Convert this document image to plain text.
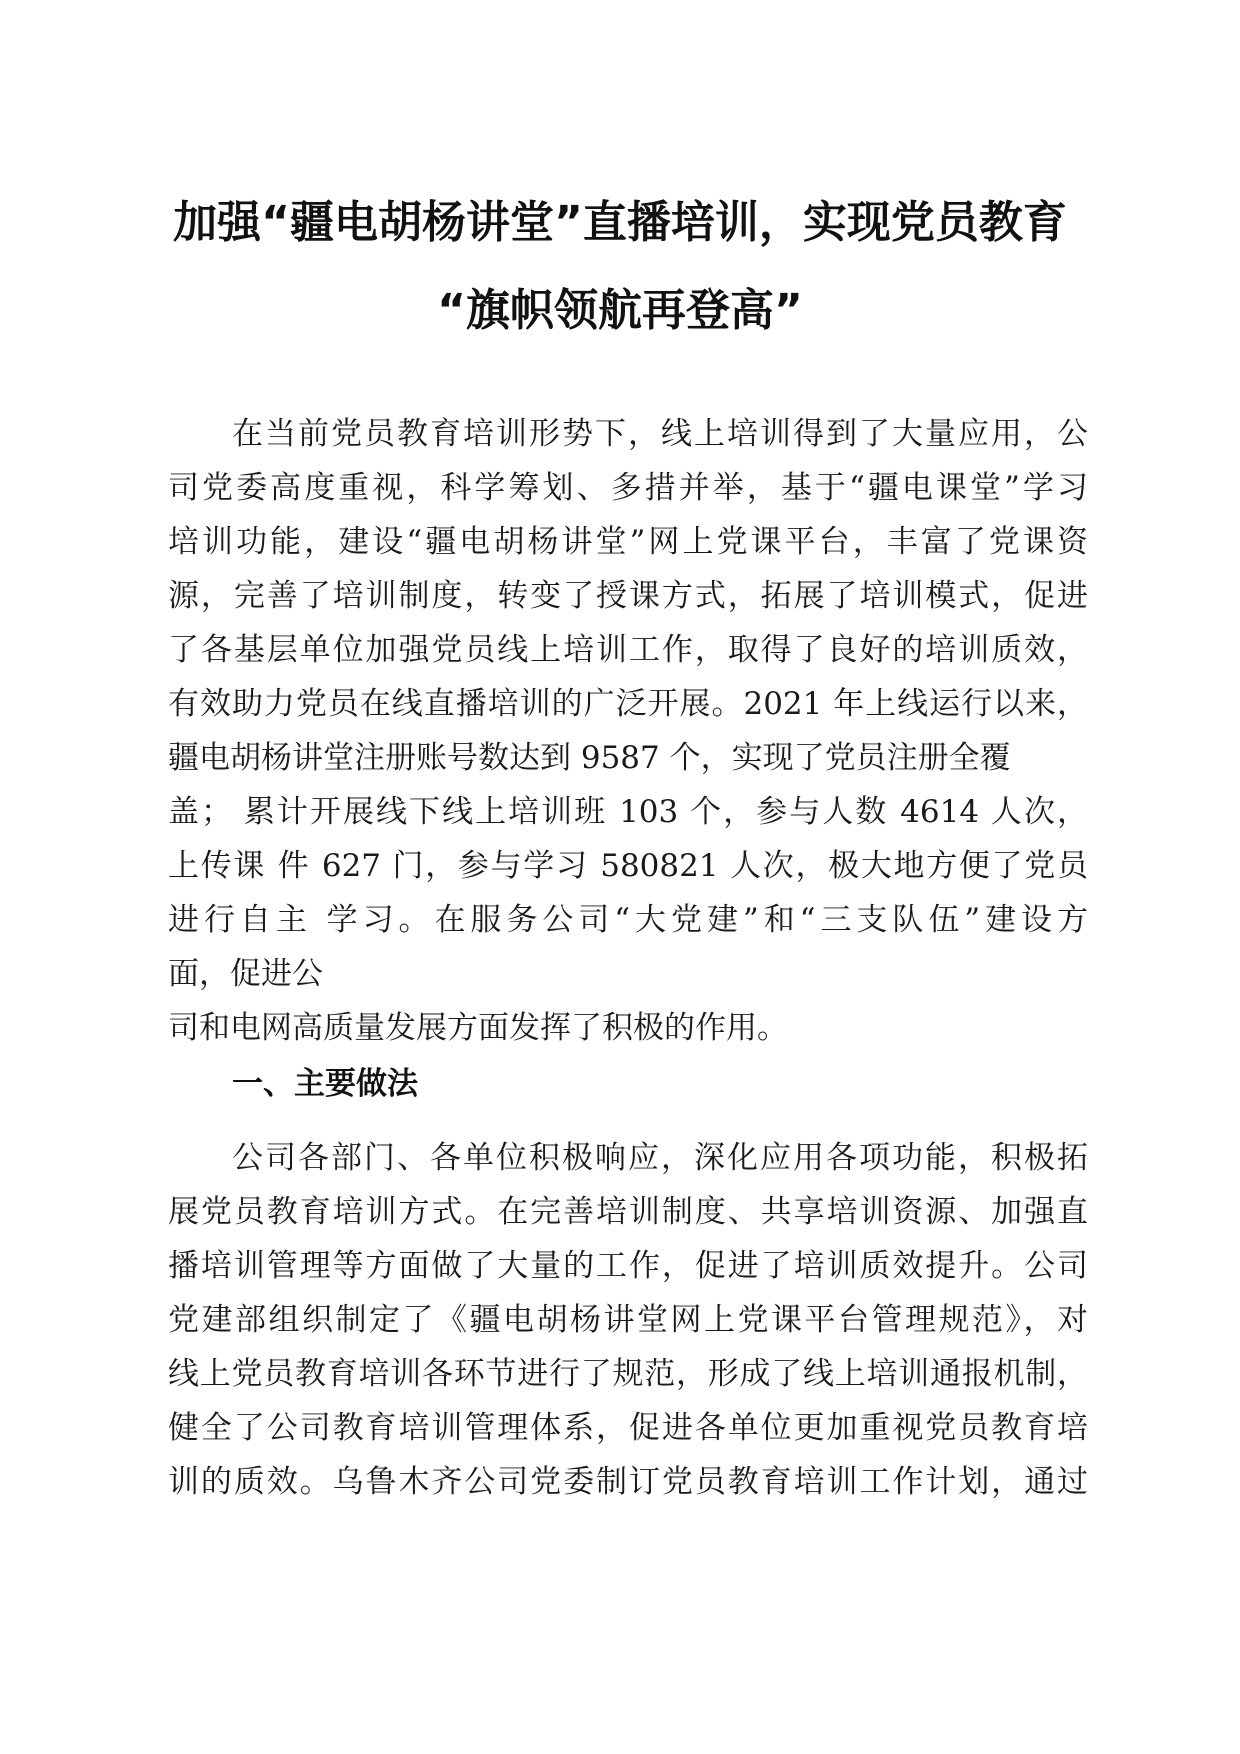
加强“疆电胡杨讲堂”直播培训，实现党员教育
“旗帜领航再登高”

在当前党员教育培训形势下，线上培训得到了大量应用，公

司党委高度重视，科学筹划、多措并举，基于“疆电课堂”学习

培训功能，建设“疆电胡杨讲堂”网上党课平台，丰富了党课资

源，完善了培训制度，转变了授课方式，拓展了培训模式，促进

了各基层单位加强党员线上培训工作，取得了良好的培训质效，

有效助力党员在线直播培训的广泛开展。2021 年上线运行以来，

疆电胡杨讲堂注册账号数达到 9587 个，实现了党员注册全覆

盖； 累计开展线下线上培训班 103 个，参与人数 4614 人次，

上传课 件 627 门，参与学习 580821 人次，极大地方便了党员

进行自主 学习。在服务公司“大党建”和“三支队伍”建设方

面，促进公

司和电网高质量发展方面发挥了积极的作用。

一、主要做法

公司各部门、各单位积极响应，深化应用各项功能，积极拓

展党员教育培训方式。在完善培训制度、共享培训资源、加强直

播培训管理等方面做了大量的工作，促进了培训质效提升。公司

党建部组织制定了《疆电胡杨讲堂网上党课平台管理规范》，对

线上党员教育培训各环节进行了规范，形成了线上培训通报机制，

健全了公司教育培训管理体系，促进各单位更加重视党员教育培

训的质效。乌鲁木齐公司党委制订党员教育培训工作计划，通过
